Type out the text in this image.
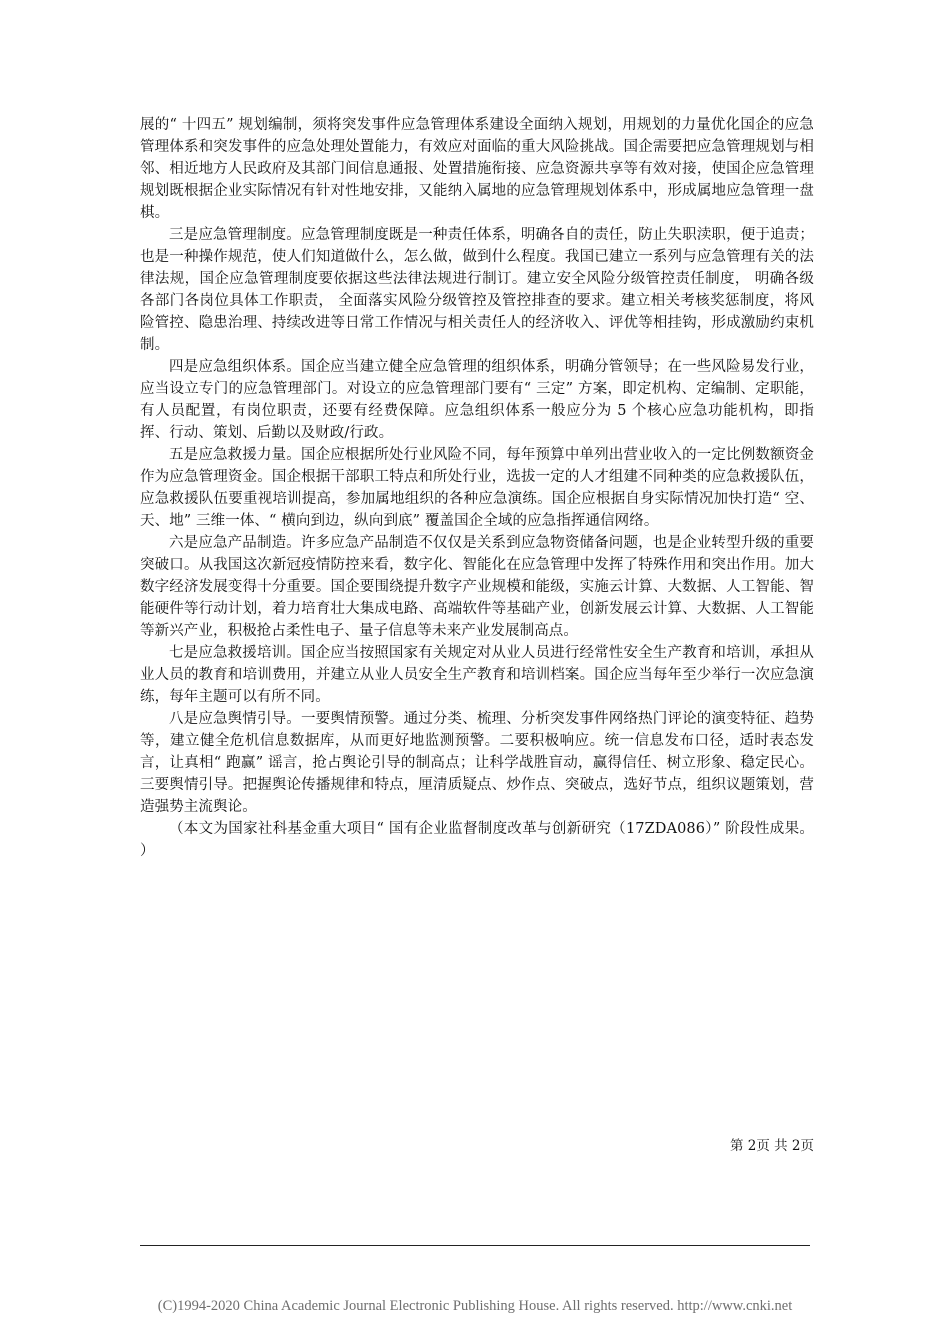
展的“ 十四五” 规划编制，须将突发事件应急管理体系建设全面纳入规划，用规划的力量优化国企的应急管理体系和突发事件的应急处理处置能力，有效应对面临的重大风险挑战。国企需要把应急管理规划与相邻、相近地方人民政府及其部门间信息通报、处置措施衔接、应急资源共享等有效对接，使国企应急管理规划既根据企业实际情况有针对性地安排，又能纳入属地的应急管理规划体系中，形成属地应急管理一盘棋。

三是应急管理制度。应急管理制度既是一种责任体系，明确各自的责任，防止失职渎职，便于追责；也是一种操作规范，使人们知道做什么，怎么做，做到什么程度。我国已建立一系列与应急管理有关的法律法规，国企应急管理制度要依据这些法律法规进行制订。建立安全风险分级管控责任制度， 明确各级各部门各岗位具体工作职责， 全面落实风险分级管控及管控排查的要求。建立相关考核奖惩制度，将风险管控、隐患治理、持续改进等日常工作情况与相关责任人的经济收入、评优等相挂钩，形成激励约束机制。

四是应急组织体系。国企应当建立健全应急管理的组织体系，明确分管领导；在一些风险易发行业，应当设立专门的应急管理部门。对设立的应急管理部门要有“ 三定” 方案，即定机构、定编制、定职能，有人员配置，有岗位职责，还要有经费保障。应急组织体系一般应分为 5 个核心应急功能机构，即指挥、行动、策划、后勤以及财政/行政。

五是应急救援力量。国企应根据所处行业风险不同，每年预算中单列出营业收入的一定比例数额资金作为应急管理资金。国企根据干部职工特点和所处行业，选拔一定的人才组建不同种类的应急救援队伍，应急救援队伍要重视培训提高，参加属地组织的各种应急演练。国企应根据自身实际情况加快打造“ 空、天、地” 三维一体、“ 横向到边，纵向到底” 覆盖国企全域的应急指挥通信网络。

六是应急产品制造。许多应急产品制造不仅仅是关系到应急物资储备问题，也是企业转型升级的重要突破口。从我国这次新冠疫情防控来看，数字化、智能化在应急管理中发挥了特殊作用和突出作用。加大数字经济发展变得十分重要。国企要围绕提升数字产业规模和能级，实施云计算、大数据、人工智能、智能硬件等行动计划，着力培育壮大集成电路、高端软件等基础产业，创新发展云计算、大数据、人工智能等新兴产业，积极抢占柔性电子、量子信息等未来产业发展制高点。

七是应急救援培训。国企应当按照国家有关规定对从业人员进行经常性安全生产教育和培训，承担从业人员的教育和培训费用，并建立从业人员安全生产教育和培训档案。国企应当每年至少举行一次应急演练，每年主题可以有所不同。

八是应急舆情引导。一要舆情预警。通过分类、梳理、分析突发事件网络热门评论的演变特征、趋势等，建立健全危机信息数据库，从而更好地监测预警。二要积极响应。统一信息发布口径，适时表态发言，让真相“ 跑赢” 谣言，抢占舆论引导的制高点；让科学战胜盲动，赢得信任、树立形象、稳定民心。三要舆情引导。把握舆论传播规律和特点，厘清质疑点、炒作点、突破点，选好节点，组织议题策划，营造强势主流舆论。

（本文为国家社科基金重大项目“ 国有企业监督制度改革与创新研究（17ZDA086）” 阶段性成果。 ）

第 2页 共 2页
(C)1994-2020 China Academic Journal Electronic Publishing House. All rights reserved. http://www.cnki.net
